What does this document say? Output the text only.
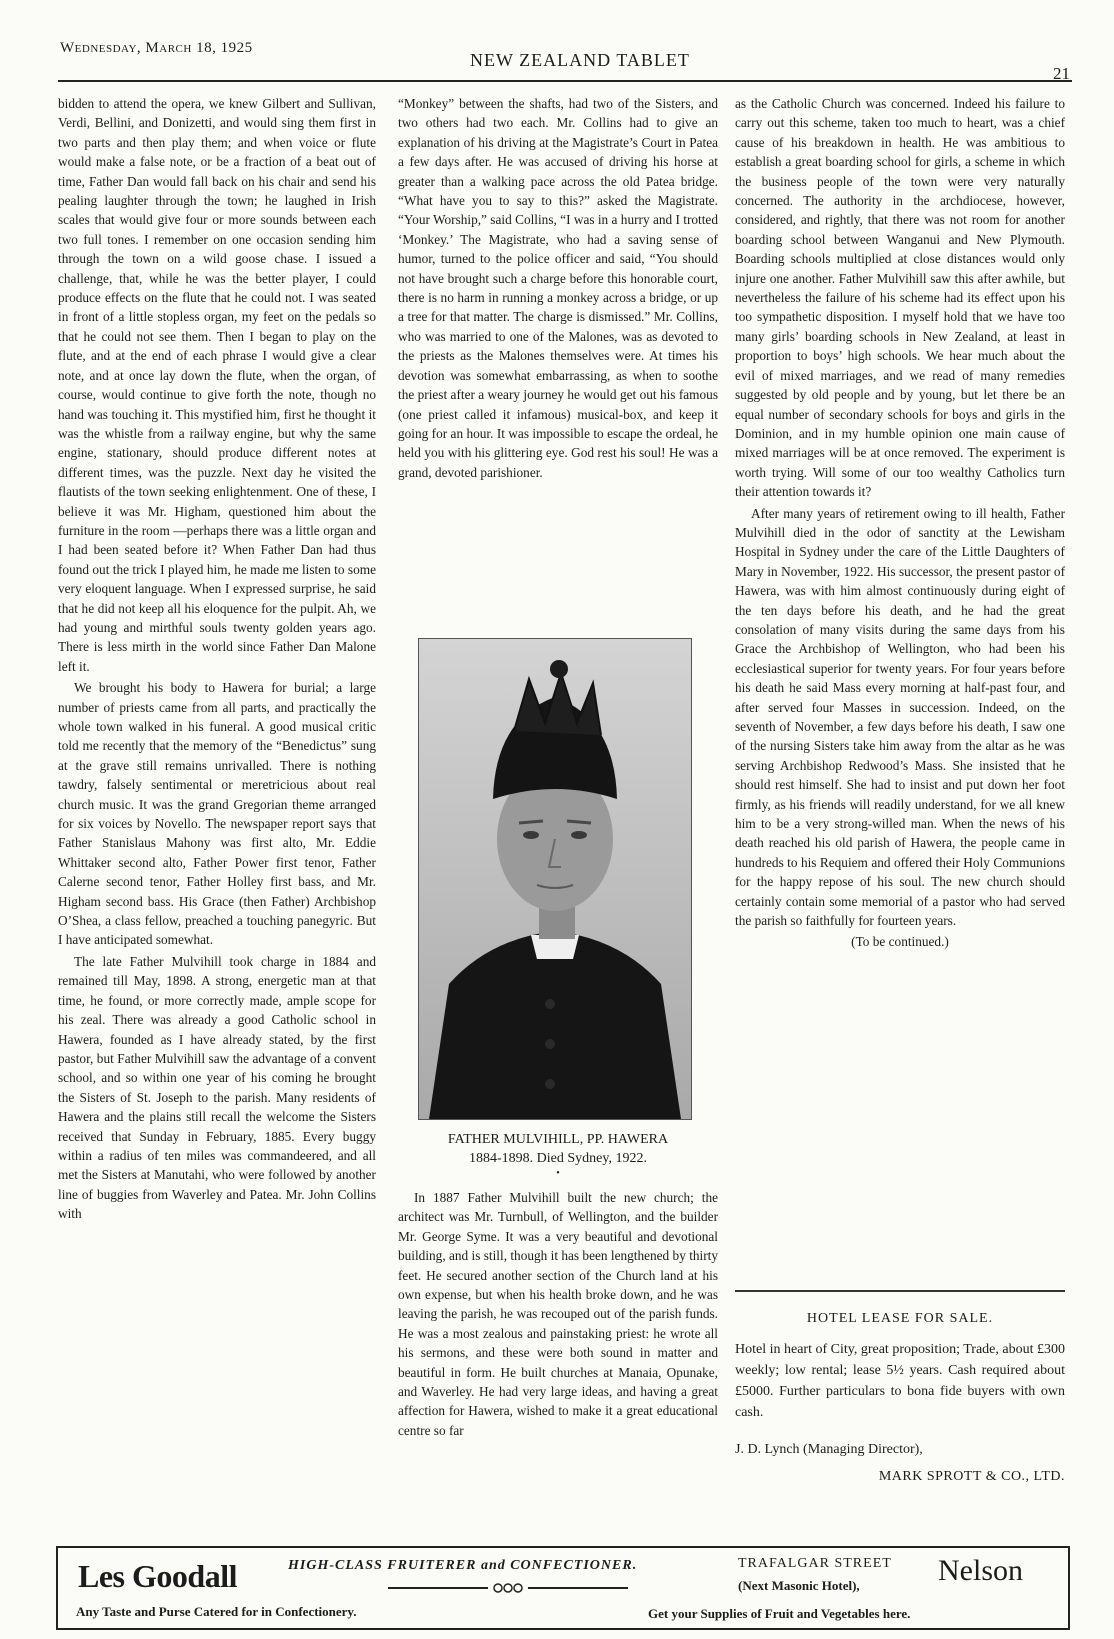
Wednesday, March 18, 1925
NEW ZEALAND TABLET
21

bidden to attend the opera, we knew Gilbert and Sullivan, Verdi, Bellini, and Donizetti, and would sing them first in two parts and then play them; and when voice or flute would make a false note, or be a fraction of a beat out of time, Father Dan would fall back on his chair and send his pealing laughter through the town; he laughed in Irish scales that would give four or more sounds between each two full tones. I remember on one occasion sending him through the town on a wild goose chase. I issued a challenge, that, while he was the better player, I could produce effects on the flute that he could not. I was seated in front of a little stopless organ, my feet on the pedals so that he could not see them. Then I began to play on the flute, and at the end of each phrase I would give a clear note, and at once lay down the flute, when the organ, of course, would continue to give forth the note, though no hand was touching it. This mystified him, first he thought it was the whistle from a railway engine, but why the same engine, stationary, should produce different notes at different times, was the puzzle. Next day he visited the flautists of the town seeking enlightenment. One of these, I believe it was Mr. Higham, questioned him about the furniture in the room —perhaps there was a little organ and I had been seated before it? When Father Dan had thus found out the trick I played him, he made me listen to some very eloquent language. When I expressed surprise, he said that he did not keep all his eloquence for the pulpit. Ah, we had young and mirthful souls twenty golden years ago. There is less mirth in the world since Father Dan Malone left it.

We brought his body to Hawera for burial; a large number of priests came from all parts, and practically the whole town walked in his funeral. A good musical critic told me recently that the memory of the “Benedictus” sung at the grave still remains unrivalled. There is nothing tawdry, falsely sentimental or meretricious about real church music. It was the grand Gregorian theme arranged for six voices by Novello. The newspaper report says that Father Stanislaus Mahony was first alto, Mr. Eddie Whittaker second alto, Father Power first tenor, Father Calerne second tenor, Father Holley first bass, and Mr. Higham second bass. His Grace (then Father) Archbishop O’Shea, a class fellow, preached a touching panegyric. But I have anticipated somewhat.

The late Father Mulvihill took charge in 1884 and remained till May, 1898. A strong, energetic man at that time, he found, or more correctly made, ample scope for his zeal. There was already a good Catholic school in Hawera, founded as I have already stated, by the first pastor, but Father Mulvihill saw the advantage of a convent school, and so within one year of his coming he brought the Sisters of St. Joseph to the parish. Many residents of Hawera and the plains still recall the welcome the Sisters received that Sunday in February, 1885. Every buggy within a radius of ten miles was commandeered, and all met the Sisters at Manutahi, who were followed by another line of buggies from Waverley and Patea. Mr. John Collins with

“Monkey” between the shafts, had two of the Sisters, and two others had two each. Mr. Collins had to give an explanation of his driving at the Magistrate’s Court in Patea a few days after. He was accused of driving his horse at greater than a walking pace across the old Patea bridge. “What have you to say to this?” asked the Magistrate. “Your Worship,” said Collins, “I was in a hurry and I trotted ‘Monkey.’ The Magistrate, who had a saving sense of humor, turned to the police officer and said, “You should not have brought such a charge before this honorable court, there is no harm in running a monkey across a bridge, or up a tree for that matter. The charge is dismissed.” Mr. Collins, who was married to one of the Malones, was as devoted to the priests as the Malones themselves were. At times his devotion was somewhat embarrassing, as when to soothe the priest after a weary journey he would get out his famous (one priest called it infamous) musical-box, and keep it going for an hour. It was impossible to escape the ordeal, he held you with his glittering eye. God rest his soul! He was a grand, devoted parishioner.

FATHER MULVIHILL, PP. HAWERA
1884-1898. Died Sydney, 1922.
•

In 1887 Father Mulvihill built the new church; the architect was Mr. Turnbull, of Wellington, and the builder Mr. George Syme. It was a very beautiful and devotional building, and is still, though it has been lengthened by thirty feet. He secured another section of the Church land at his own expense, but when his health broke down, and he was leaving the parish, he was recouped out of the parish funds. He was a most zealous and painstaking priest: he wrote all his sermons, and these were both sound in matter and beautiful in form. He built churches at Manaia, Opunake, and Waverley. He had very large ideas, and having a great affection for Hawera, wished to make it a great educational centre so far

as the Catholic Church was concerned. Indeed his failure to carry out this scheme, taken too much to heart, was a chief cause of his breakdown in health. He was ambitious to establish a great boarding school for girls, a scheme in which the business people of the town were very naturally concerned. The authority in the archdiocese, however, considered, and rightly, that there was not room for another boarding school between Wanganui and New Plymouth. Boarding schools multiplied at close distances would only injure one another. Father Mulvihill saw this after awhile, but nevertheless the failure of his scheme had its effect upon his too sympathetic disposition. I myself hold that we have too many girls’ boarding schools in New Zealand, at least in proportion to boys’ high schools. We hear much about the evil of mixed marriages, and we read of many remedies suggested by old people and by young, but let there be an equal number of secondary schools for boys and girls in the Dominion, and in my humble opinion one main cause of mixed marriages will be at once removed. The experiment is worth trying. Will some of our too wealthy Catholics turn their attention towards it?

After many years of retirement owing to ill health, Father Mulvihill died in the odor of sanctity at the Lewisham Hospital in Sydney under the care of the Little Daughters of Mary in November, 1922. His successor, the present pastor of Hawera, was with him almost continuously during eight of the ten days before his death, and he had the great consolation of many visits during the same days from his Grace the Archbishop of Wellington, who had been his ecclesiastical superior for twenty years. For four years before his death he said Mass every morning at half-past four, and after served four Masses in succession. Indeed, on the seventh of November, a few days before his death, I saw one of the nursing Sisters take him away from the altar as he was serving Archbishop Redwood’s Mass. She insisted that he should rest himself. She had to insist and put down her foot firmly, as his friends will readily understand, for we all knew him to be a very strong-willed man. When the news of his death reached his old parish of Hawera, the people came in hundreds to his Requiem and offered their Holy Communions for the happy repose of his soul. The new church should certainly contain some memorial of a pastor who had served the parish so faithfully for fourteen years.

(To be continued.)
HOTEL LEASE FOR SALE.
Hotel in heart of City, great proposition; Trade, about £300 weekly; low rental; lease 5½ years. Cash required about £5000. Further particulars to bona fide buyers with own cash.
J. D. Lynch (Managing Director),
MARK SPROTT & CO., LTD.
Les Goodall	HIGH-CLASS FRUITERER and CONFECTIONER.
Any Taste and Purse Catered for in Confectionery.
TRAFALGAR STREET
(Next Masonic Hotel),	Nelson
Get your Supplies of Fruit and Vegetables here.
